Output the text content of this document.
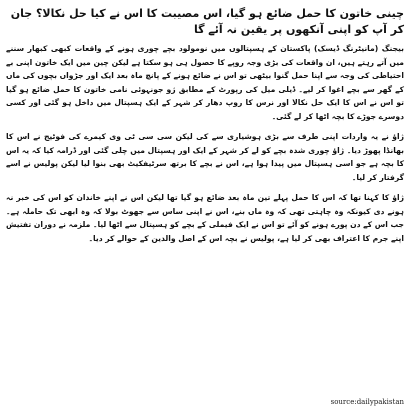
چینی خاتون کا حمل ضائع ہو گیا، اس مصیبت کا اس نے کیا حل نکالا؟ جان کر آپ کو اپنی آنکھوں پر یقین نہ آئے گا

بیجنگ (مانیٹرنگ ڈیسک) پاکستان کے ہسپتالوں میں نومولود بچے چوری ہونے کے واقعات کبھی کبھار سننے میں آتے رہتے ہیں، ان واقعات کی بڑی وجہ روپے کا حصول ہی ہو سکتا ہے لیکن چین میں ایک خاتون اپنی بے احتیاطی کی وجہ سے اپنا حمل گنوا بیٹھی تو اس نے ضائع ہونے کے پانچ ماہ بعد ایک اور جڑواں بچوں کی ماں کے گھر سے بچے اغوا کر لیے۔ ڈیلی میل کی رپورٹ کے مطابق ژو جونہوئی نامی خاتون کا حمل ضائع ہو گیا تو اس نے اس کا ایک حل نکالا اور نرس کا روپ دھار کر شہر کے ایک ہسپتال میں داخل ہو گئی اور کسی دوسرے جوڑے کا بچہ اٹھا کر لے گئی۔

ژاؤ نے یہ واردات اپنی طرف سے بڑی ہوشیاری سے کی لیکن سی سی ٹی وی کیمرے کی فوٹیج نے اس کا بھانڈا پھوڑ دیا۔ ژاؤ چوری شدہ بچے کو لے کر شہر کے ایک اور ہسپتال میں چلی گئی اور ڈرامہ کیا کہ یہ اس کا بچہ ہے جو اسی ہسپتال میں پیدا ہوا ہے، اس نے بچے کا برتھ سرٹیفکیٹ بھی بنوا لیا لیکن پولیس نے اسے گرفتار کر لیا۔

ژاؤ کا کہنا تھا کہ اس کا حمل پہلے تین ماہ بعد ضائع ہو گیا تھا لیکن اس نے اپنے خاندان کو اس کی خبر نہ ہونے دی کیونکہ وہ چاہتی تھی کہ وہ ماں بنے، اس نے اپنی ساس سے جھوٹ بولا کہ وہ ابھی تک حاملہ ہے۔ جب اس کے دن پورے ہونے کو آئے تو اس نے ایک فیملی کے بچے کو ہسپتال سے اٹھا لیا۔ ملزمہ نے دوران تفتیش اپنے جرم کا اعتراف بھی کر لیا ہے، پولیس نے بچہ اس کے اصل والدین کے حوالے کر دیا۔

source:dailypakistan
